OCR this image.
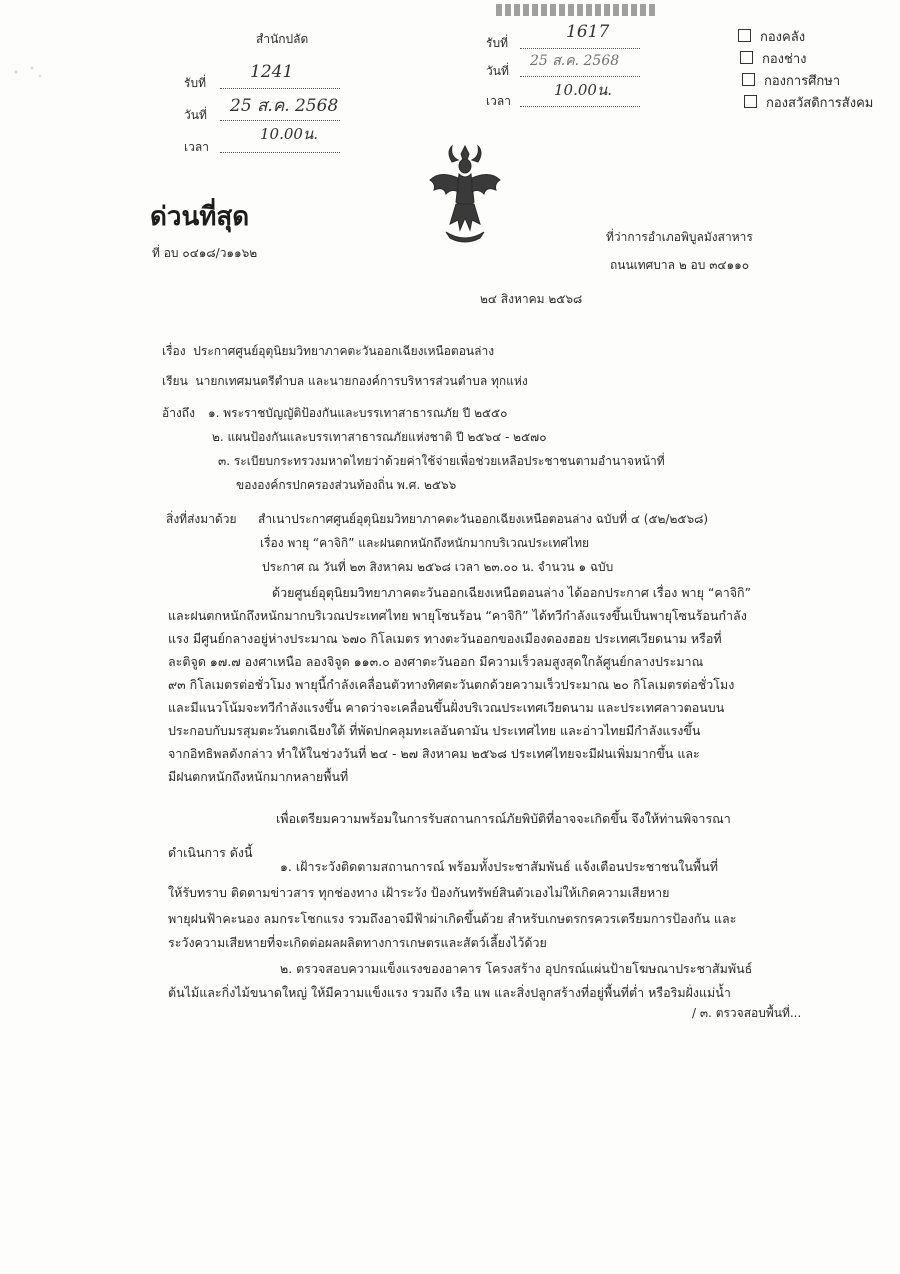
สำนักปลัด
รับที่
1241
วันที่ 25 ส.ค. 2568
เวลา
10.00น.
รับที่
1617
วันที่
25 ส.ค. 2568
เวลา
10.00น.
กองคลัง
กองช่าง
กองการศึกษา
กองสวัสดิการสังคม
ด่วนที่สุด
ที่ อบ ๐๔๑๘/ว๑๑๖๒
ที่ว่าการอำเภอพิบูลมังสาหาร
ถนนเทศบาล ๒ อบ ๓๔๑๑๐
๒๔ สิงหาคม ๒๕๖๘
เรื่อง ประกาศศูนย์อุตุนิยมวิทยาภาคตะวันออกเฉียงเหนือตอนล่าง
เรียน นายกเทศมนตรีตำบล และนายกองค์การบริหารส่วนตำบล ทุกแห่ง
อ้างถึง ๑. พระราชบัญญัติป้องกันและบรรเทาสาธารณภัย ปี ๒๕๕๐
๒. แผนป้องกันและบรรเทาสาธารณภัยแห่งชาติ ปี ๒๕๖๔ - ๒๕๗๐
๓. ระเบียบกระทรวงมหาดไทยว่าด้วยค่าใช้จ่ายเพื่อช่วยเหลือประชาชนตามอำนาจหน้าที่
ขององค์กรปกครองส่วนท้องถิ่น พ.ศ. ๒๕๖๖
สิ่งที่ส่งมาด้วย สำเนาประกาศศูนย์อุตุนิยมวิทยาภาคตะวันออกเฉียงเหนือตอนล่าง ฉบับที่ ๔ (๕๒/๒๕๖๘)
เรื่อง พายุ “คาจิกิ” และฝนตกหนักถึงหนักมากบริเวณประเทศไทย
ประกาศ ณ วันที่ ๒๓ สิงหาคม ๒๕๖๘ เวลา ๒๓.๐๐ น. จำนวน ๑ ฉบับ
ด้วยศูนย์อุตุนิยมวิทยาภาคตะวันออกเฉียงเหนือตอนล่าง ได้ออกประกาศ เรื่อง พายุ “คาจิกิ”
และฝนตกหนักถึงหนักมากบริเวณประเทศไทย พายุโซนร้อน “คาจิกิ” ได้ทวีกำลังแรงขึ้นเป็นพายุโซนร้อนกำลัง
แรง มีศูนย์กลางอยู่ห่างประมาณ ๖๗๐ กิโลเมตร ทางตะวันออกของเมืองดองฮอย ประเทศเวียดนาม หรือที่
ละติจูด ๑๗.๗ องศาเหนือ ลองจิจูด ๑๑๓.๐ องศาตะวันออก มีความเร็วลมสูงสุดใกล้ศูนย์กลางประมาณ
๙๓ กิโลเมตรต่อชั่วโมง พายุนี้กำลังเคลื่อนตัวทางทิศตะวันตกด้วยความเร็วประมาณ ๒๐ กิโลเมตรต่อชั่วโมง
และมีแนวโน้มจะทวีกำลังแรงขึ้น คาดว่าจะเคลื่อนขึ้นฝั่งบริเวณประเทศเวียดนาม และประเทศลาวตอนบน
ประกอบกับมรสุมตะวันตกเฉียงใต้ ที่พัดปกคลุมทะเลอันดามัน ประเทศไทย และอ่าวไทยมีกำลังแรงขึ้น
จากอิทธิพลดังกล่าว ทำให้ในช่วงวันที่ ๒๔ - ๒๗ สิงหาคม ๒๕๖๘ ประเทศไทยจะมีฝนเพิ่มมากขึ้น และ
มีฝนตกหนักถึงหนักมากหลายพื้นที่
เพื่อเตรียมความพร้อมในการรับสถานการณ์ภัยพิบัติที่อาจจะเกิดขึ้น จึงให้ท่านพิจารณา
ดำเนินการ ดังนี้
๑. เฝ้าระวังติดตามสถานการณ์ พร้อมทั้งประชาสัมพันธ์ แจ้งเตือนประชาชนในพื้นที่
ให้รับทราบ ติดตามข่าวสาร ทุกช่องทาง เฝ้าระวัง ป้องกันทรัพย์สินตัวเองไม่ให้เกิดความเสียหาย
พายุฝนฟ้าคะนอง ลมกระโชกแรง รวมถึงอาจมีฟ้าผ่าเกิดขึ้นด้วย สำหรับเกษตรกรควรเตรียมการป้องกัน และ
ระวังความเสียหายที่จะเกิดต่อผลผลิตทางการเกษตรและสัตว์เลี้ยงไว้ด้วย
๒. ตรวจสอบความแข็งแรงของอาคาร โครงสร้าง อุปกรณ์แผ่นป้ายโฆษณาประชาสัมพันธ์
ต้นไม้และกิ่งไม้ขนาดใหญ่ ให้มีความแข็งแรง รวมถึง เรือ แพ และสิ่งปลูกสร้างที่อยู่พื้นที่ต่ำ หรือริมฝั่งแม่น้ำ
/ ๓. ตรวจสอบพื้นที่...
